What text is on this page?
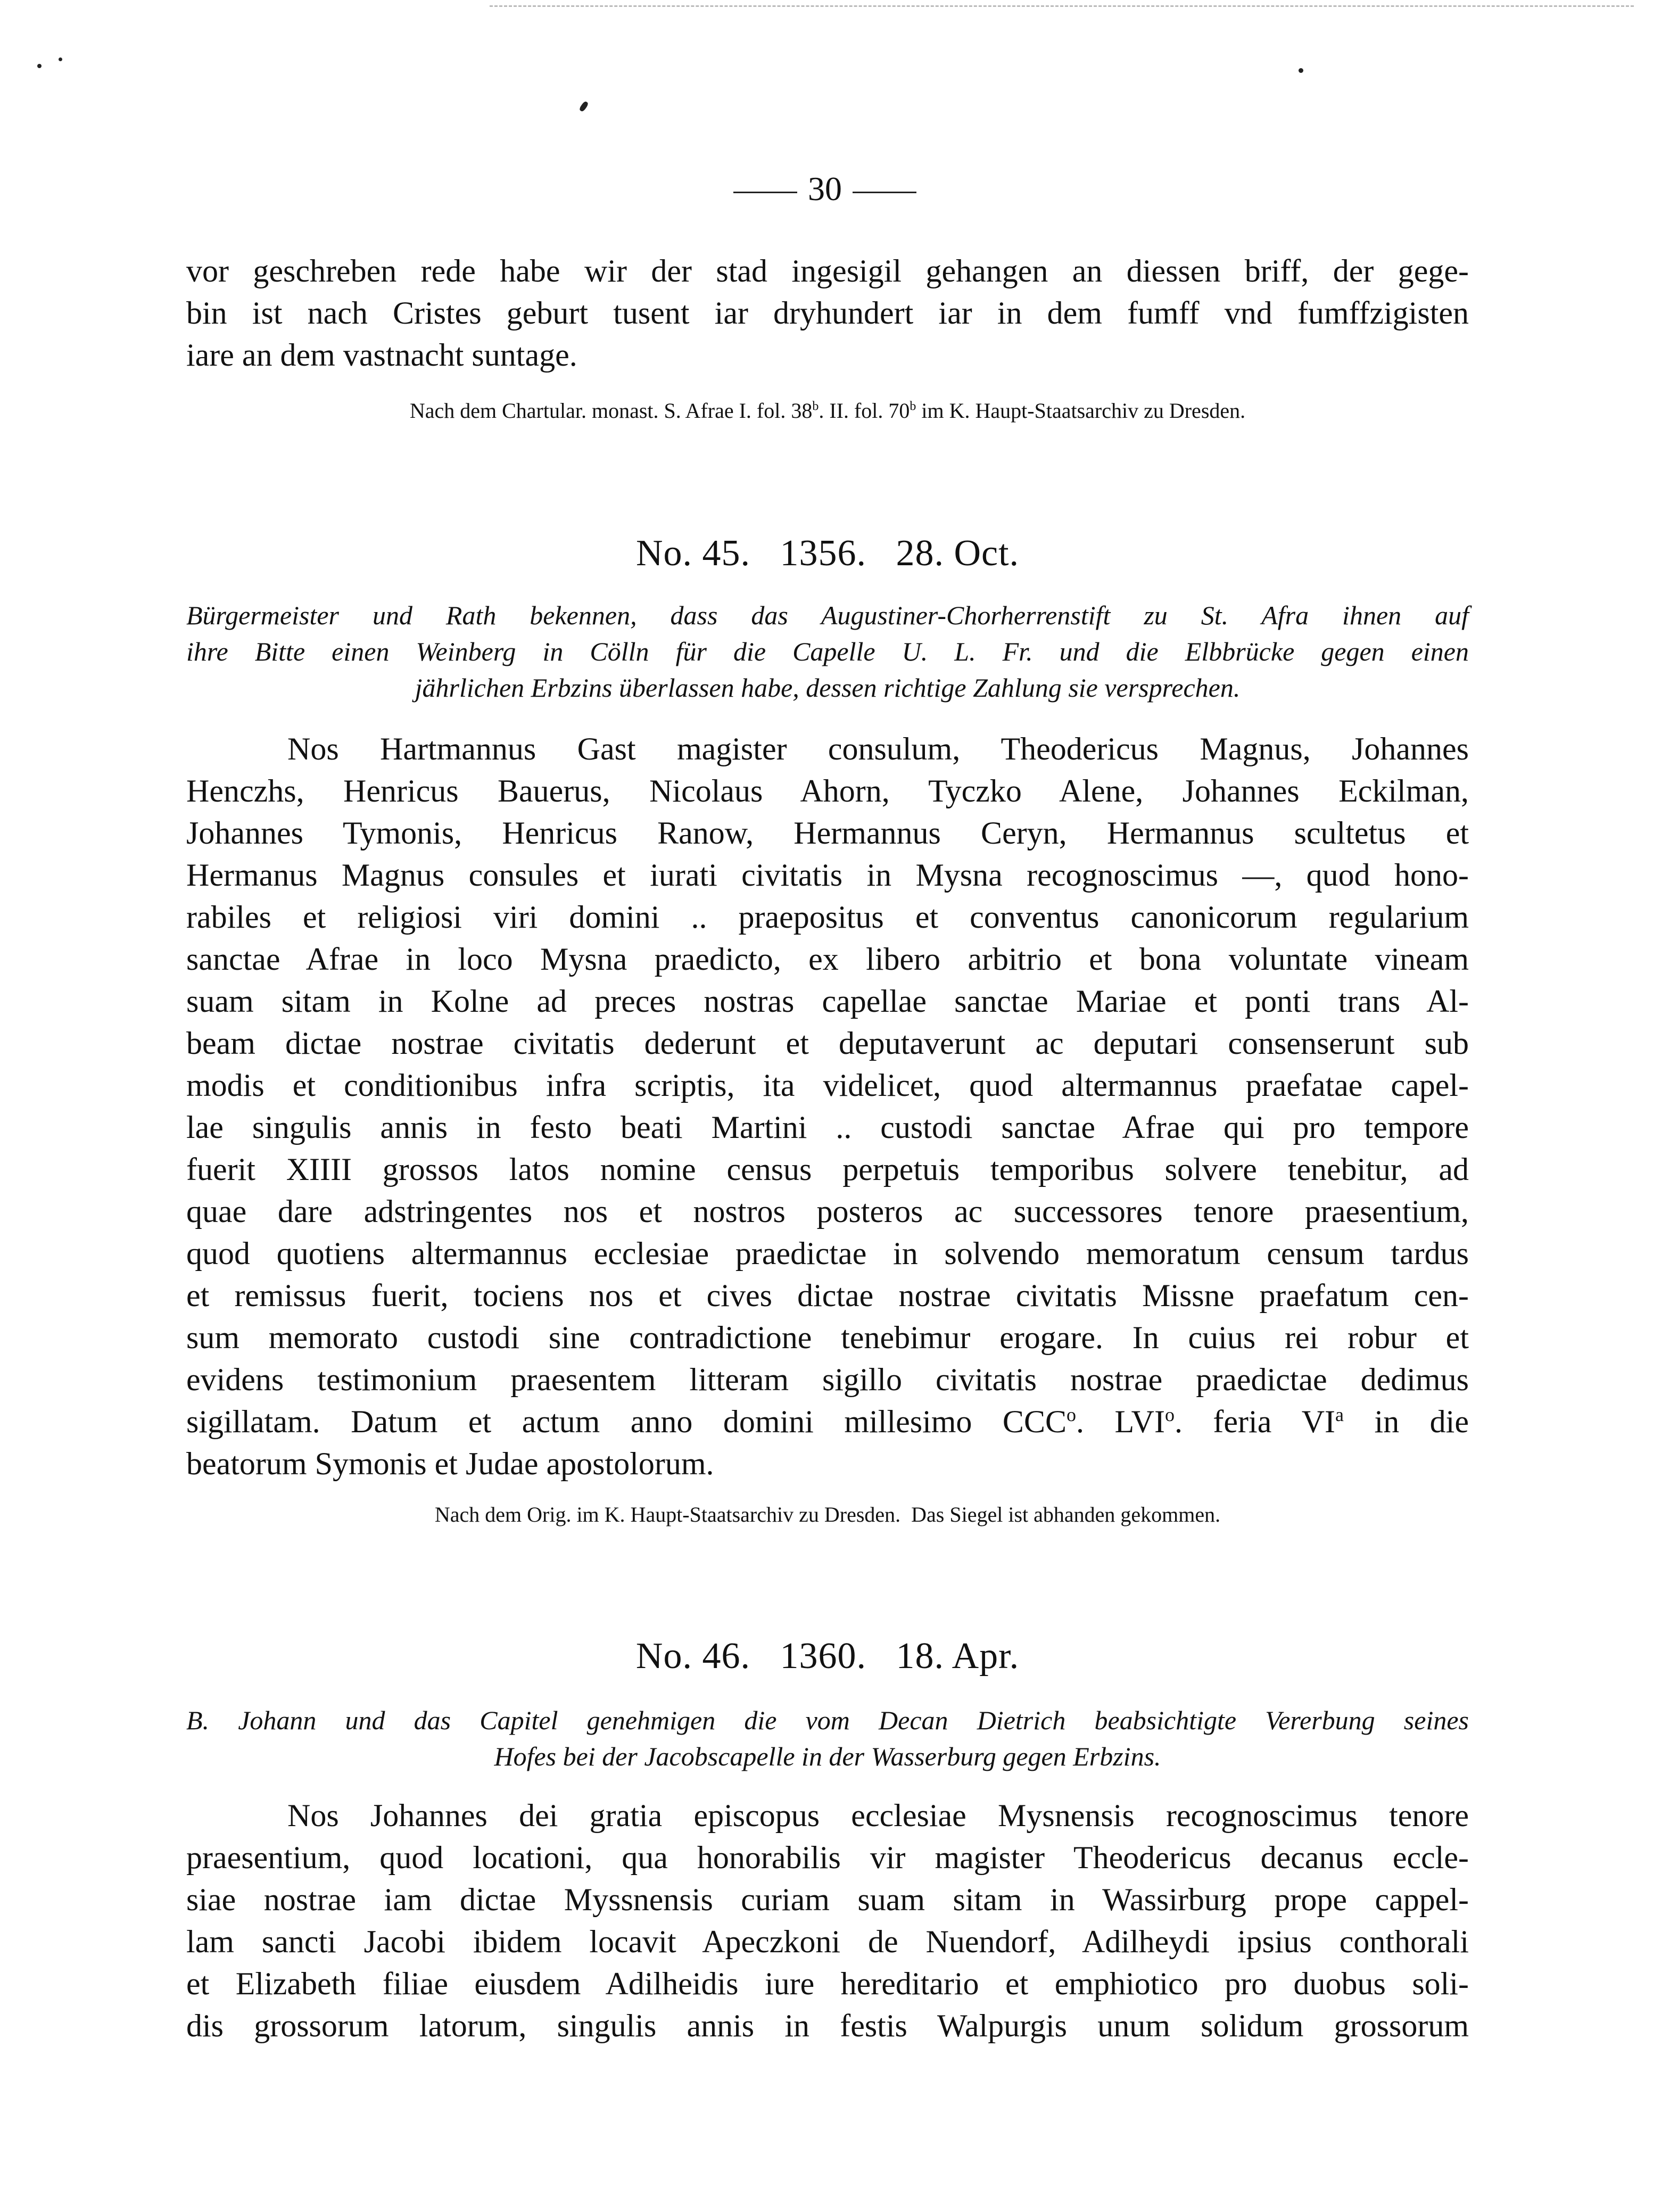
30

vor geschreben rede habe wir der stad ingesigil gehangen an diessen briff, der gege-

bin ist nach Cristes geburt tusent iar dryhundert iar in dem fumff vnd fumffzigisten

iare an dem vastnacht suntage.

Nach dem Chartular. monast. S. Afrae I. fol. 38$^b$. II. fol. 70$^b$ im K. Haupt-Staatsarchiv zu Dresden.
No. 45.   1356.   28. Oct.

Bürgermeister und Rath bekennen, dass das Augustiner-Chorherrenstift zu St. Afra ihnen auf

ihre Bitte einen Weinberg in Cölln für die Capelle U. L. Fr. und die Elbbrücke gegen einen

jährlichen Erbzins überlassen habe, dessen richtige Zahlung sie versprechen.

Nos Hartmannus Gast magister consulum, Theodericus Magnus, Johannes

Henczhs, Henricus Bauerus, Nicolaus Ahorn, Tyczko Alene, Johannes Eckilman,

Johannes Tymonis, Henricus Ranow, Hermannus Ceryn, Hermannus scultetus et

Hermanus Magnus consules et iurati civitatis in Mysna recognoscimus —, quod hono-

rabiles et religiosi viri domini .. praepositus et conventus canonicorum regularium

sanctae Afrae in loco Mysna praedicto, ex libero arbitrio et bona voluntate vineam

suam sitam in Kolne ad preces nostras capellae sanctae Mariae et ponti trans Al-

beam dictae nostrae civitatis dederunt et deputaverunt ac deputari consenserunt sub

modis et conditionibus infra scriptis, ita videlicet, quod altermannus praefatae capel-

lae singulis annis in festo beati Martini .. custodi sanctae Afrae qui pro tempore

fuerit XIIII grossos latos nomine census perpetuis temporibus solvere tenebitur, ad

quae dare adstringentes nos et nostros posteros ac successores tenore praesentium,

quod quotiens altermannus ecclesiae praedictae in solvendo memoratum censum tardus

et remissus fuerit, tociens nos et cives dictae nostrae civitatis Missne praefatum cen-

sum memorato custodi sine contradictione tenebimur erogare. In cuius rei robur et

evidens testimonium praesentem litteram sigillo civitatis nostrae praedictae dedimus

sigillatam. Datum et actum anno domini millesimo CCC$^o$. LVI$^o$. feria $VI^a$ in die

beatorum Symonis et Judae apostolorum.

Nach dem Orig. im K. Haupt-Staatsarchiv zu Dresden.  Das Siegel ist abhanden gekommen.
No. 46.   1360.   18. Apr.

B. Johann und das Capitel genehmigen die vom Decan Dietrich beabsichtigte Vererbung seines

Hofes bei der Jacobscapelle in der Wasserburg gegen Erbzins.

Nos Johannes dei gratia episcopus ecclesiae Mysnensis recognoscimus tenore

praesentium, quod locationi, qua honorabilis vir magister Theodericus decanus eccle-

siae nostrae iam dictae Myssnensis curiam suam sitam in Wassirburg prope cappel-

lam sancti Jacobi ibidem locavit Apeczkoni de Nuendorf, Adilheydi ipsius conthorali

et Elizabeth filiae eiusdem Adilheidis iure hereditario et emphiotico pro duobus soli-

dis grossorum latorum, singulis annis in festis Walpurgis unum solidum grossorum
